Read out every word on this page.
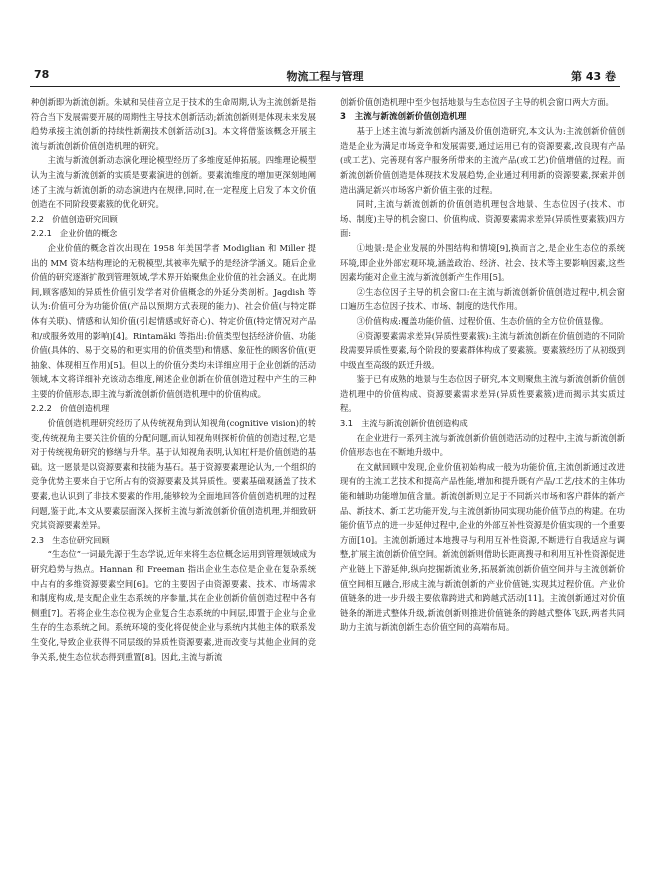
78	物流工程与管理	第 43 卷

种创新即为新流创新。朱斌和吴佳音立足于技术的生命周期,认为主流创新是指符合当下发展需要开展的周期性主导技术创新活动;新流创新则是体现未来发展趋势承接主流创新的持续性新潮技术创新活动[3]。本文将借鉴该概念开展主流与新流创新价值创造机理的研究。

主流与新流创新动态演化理论模型经历了多维度延伸拓展。四维理论模型认为主流与新流创新的实质是要素演进的创新。要素流维度的增加更深刻地阐述了主流与新流创新的动态演进内在规律,同时,在一定程度上启发了本文价值创造在不同阶段要素簇的优化研究。

2.2　价值创造研究回顾
2.2.1　企业价值的概念

企业价值的概念首次出现在 1958 年美国学者 Modiglian 和 Miller 提出的 MM 资本结构理论的无税模型,其被率先赋予的是经济学涵义。随后企业价值的研究逐渐扩散到管理领域,学术界开始聚焦企业价值的社会涵义。在此期间,顾客感知的异质性价值引发学者对价值概念的外延分类剖析。Jagdish 等认为:价值可分为功能价值(产品以预期方式表现的能力)、社会价值(与特定群体有关联)、情感和认知价值(引起情感或好奇心)、特定价值(特定情况对产品和/或服务效用的影响)[4]。Rintamäki 等指出:价值类型包括经济价值、功能价值(具体的、易于交易的和更实用的价值类型)和情感、象征性的顾客价值(更抽象、体现相互作用)[5]。但以上的价值分类均未详细应用于企业创新的活动领域,本文将详细补充该动态维度,阐述企业创新在价值创造过程中产生的三种主要的价值形态,即主流与新流创新价值创造机理中的价值构成。

2.2.2　价值创造机理

价值创造机理研究经历了从传统视角到认知视角(cognitive vision)的转变,传统视角主要关注价值的分配问题,而认知视角则探析价值的创造过程,它是对于传统视角研究的修缮与升华。基于认知视角表明,认知杠杆是价值创造的基础。这一愿景是以资源要素和技能为基石。基于资源要素理论认为,一个组织的竞争优势主要来自于它所占有的资源要素及其异质性。要素基础观涵盖了技术要素,也认识到了非技术要素的作用,能够较为全面地回答价值创造机理的过程问题,鉴于此,本文从要素层面深入探析主流与新流创新价值创造机理,并细致研究其资源要素差异。

2.3　生态位研究回顾

“生态位”一词最先源于生态学说,近年来将生态位概念运用到管理领域成为研究趋势与热点。Hannan 和 Freeman 指出企业生态位是企业在复杂系统中占有的多维资源要素空间[6]。它的主要因子由资源要素、技术、市场需求和制度构成,是支配企业生态系统的序参量,其在企业创新价值创造过程中各有侧重[7]。若将企业生态位视为企业复合生态系统的中间层,即置于企业与企业生存的生态系统之间。系统环境的变化将促使企业与系统内其他主体的联系发生变化,导致企业获得不同层级的异质性资源要素,进而改变与其他企业间的竞争关系,使生态位状态得到重置[8]。因此,主流与新流

创新价值创造机理中至少包括地景与生态位因子主导的机会窗口两大方面。

3　主流与新流创新价值创造机理

基于上述主流与新流创新内涵及价值创造研究,本文认为:主流创新价值创造是企业为满足市场竞争和发展需要,通过运用已有的资源要素,改良现有产品(或工艺)、完善现有客户服务所带来的主流产品(或工艺)价值增值的过程。而新流创新价值创造是体现技术发展趋势,企业通过利用新的资源要素,探索并创造出满足新兴市场客户新价值主张的过程。

同时,主流与新流创新的价值创造机理包含地景、生态位因子(技术、市场、制度)主导的机会窗口、价值构成、资源要素需求差异(异质性要素簇)四方面:

①地景:是企业发展的外围结构和情境[9],换而言之,是企业生态位的系统环境,即企业外部宏观环境,涵盖政治、经济、社会、技术等主要影响因素,这些因素均能对企业主流与新流创新产生作用[5]。

②生态位因子主导的机会窗口:在主流与新流创新价值创造过程中,机会窗口遍历生态位因子技术、市场、制度的迭代作用。

③价值构成:覆盖功能价值、过程价值、生态价值的全方位价值显像。

④资源要素需求差异(异质性要素簇):主流与新流创新在价值创造的不同阶段需要异质性要素,每个阶段的要素群体构成了要素簇。要素簇经历了从初级到中级直至高级的跃迁升级。

鉴于已有成熟的地景与生态位因子研究,本文则聚焦主流与新流创新价值创造机理中的价值构成、资源要素需求差异(异质性要素簇)进而揭示其实质过程。

3.1　主流与新流创新价值创造构成

在企业进行一系列主流与新流创新价值创造活动的过程中,主流与新流创新价值形态也在不断地升级中。

在文献回顾中发现,企业价值初始构成一般为功能价值,主流创新通过改进现有的主流工艺技术和提高产品性能,增加和提升既有产品/工艺/技术的主体功能和辅助功能增加值含量。新流创新则立足于不同新兴市场和客户群体的新产品、新技术、新工艺功能开发,与主流创新协同实现功能价值节点的构建。在功能价值节点的进一步延伸过程中,企业的外部互补性资源是价值实现的一个重要方面[10]。主流创新通过本地搜寻与利用互补性资源,不断进行自我适应与调整,扩展主流创新价值空间。新流创新则借助长距离搜寻和利用互补性资源促进产业链上下游延伸,纵向挖掘新流业务,拓展新流创新价值空间并与主流创新价值空间相互融合,形成主流与新流创新的产业价值链,实现其过程价值。产业价值链条的进一步升级主要依靠跨进式和跨越式活动[11]。主流创新通过对价值链条的渐进式整体升级,新流创新则推进价值链条的跨越式整体飞跃,两者共同助力主流与新流创新生态价值空间的高端布局。
